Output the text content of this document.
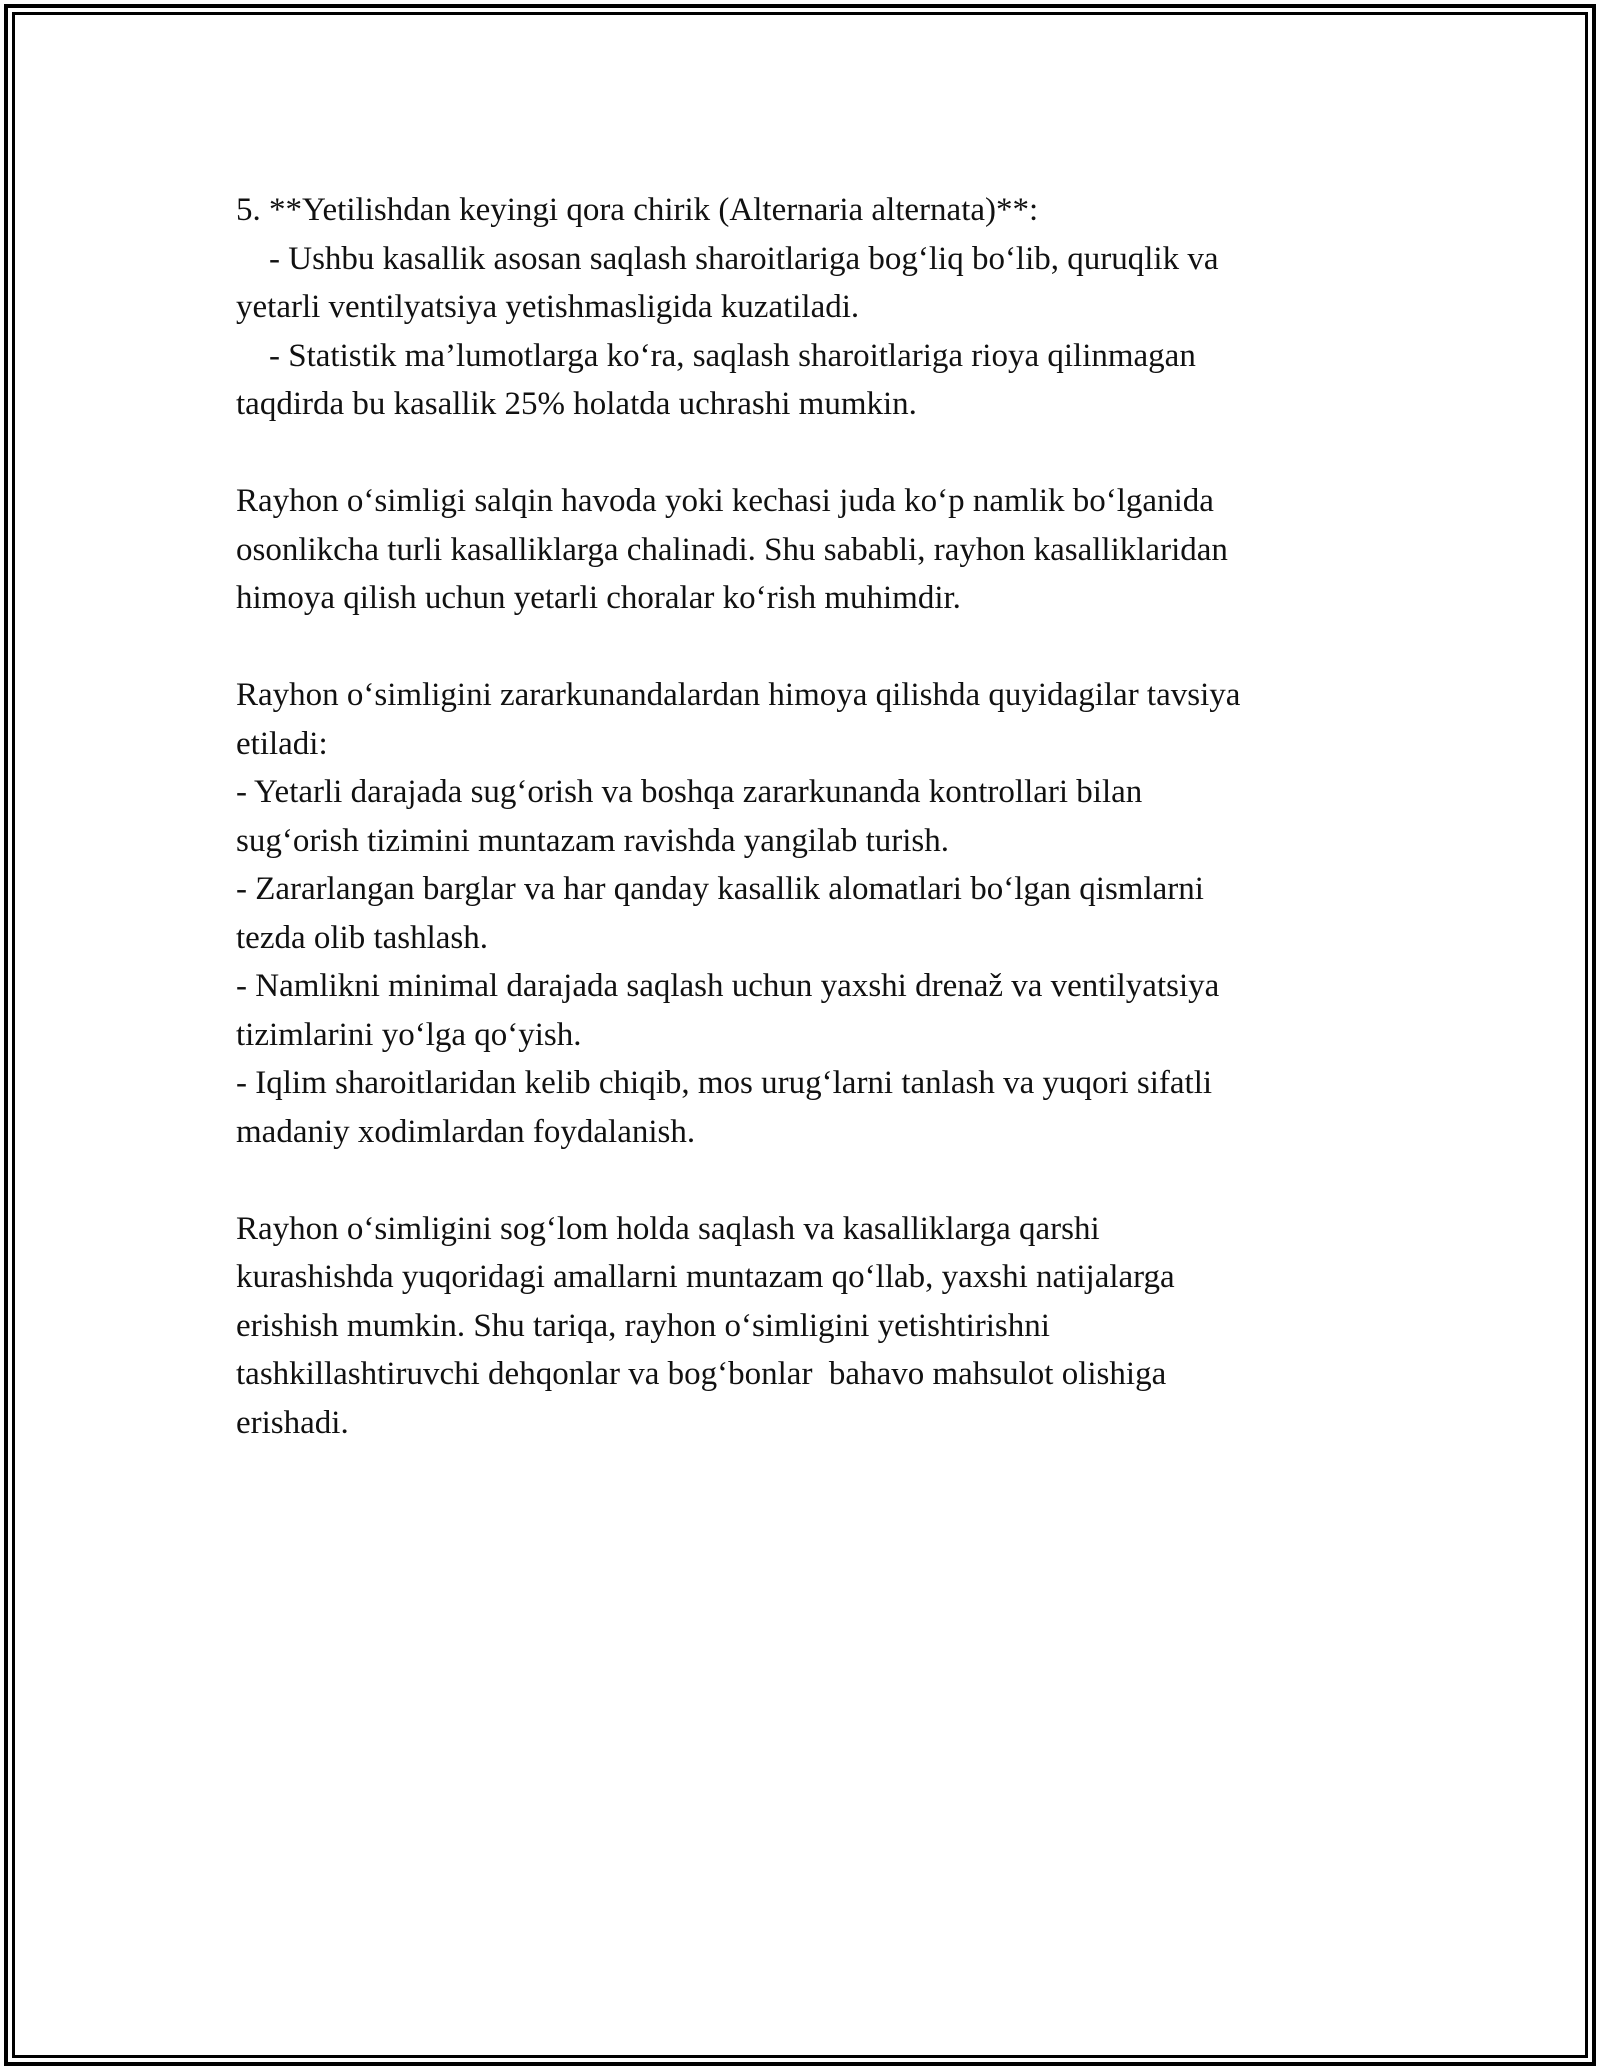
5. **Yetilishdan keyingi qora chirik (Alternaria alternata)**:

- Ushbu kasallik asosan saqlash sharoitlariga bog‘liq bo‘lib, quruqlik va

yetarli ventilyatsiya yetishmasligida kuzatiladi.

- Statistik ma’lumotlarga ko‘ra, saqlash sharoitlariga rioya qilinmagan

taqdirda bu kasallik 25% holatda uchrashi mumkin.

Rayhon o‘simligi salqin havoda yoki kechasi juda ko‘p namlik bo‘lganida

osonlikcha turli kasalliklarga chalinadi. Shu sababli, rayhon kasalliklaridan

himoya qilish uchun yetarli choralar ko‘rish muhimdir.

Rayhon o‘simligini zararkunandalardan himoya qilishda quyidagilar tavsiya

etiladi:

- Yetarli darajada sug‘orish va boshqa zararkunanda kontrollari bilan

sug‘orish tizimini muntazam ravishda yangilab turish.

- Zararlangan barglar va har qanday kasallik alomatlari bo‘lgan qismlarni

tezda olib tashlash.

- Namlikni minimal darajada saqlash uchun yaxshi drenaž va ventilyatsiya

tizimlarini yo‘lga qo‘yish.

- Iqlim sharoitlaridan kelib chiqib, mos urug‘larni tanlash va yuqori sifatli

madaniy xodimlardan foydalanish.

Rayhon o‘simligini sog‘lom holda saqlash va kasalliklarga qarshi

kurashishda yuqoridagi amallarni muntazam qo‘llab, yaxshi natijalarga

erishish mumkin. Shu tariqa, rayhon o‘simligini yetishtirishni

tashkillashtiruvchi dehqonlar va bog‘bonlar  bahavo mahsulot olishiga

erishadi.
